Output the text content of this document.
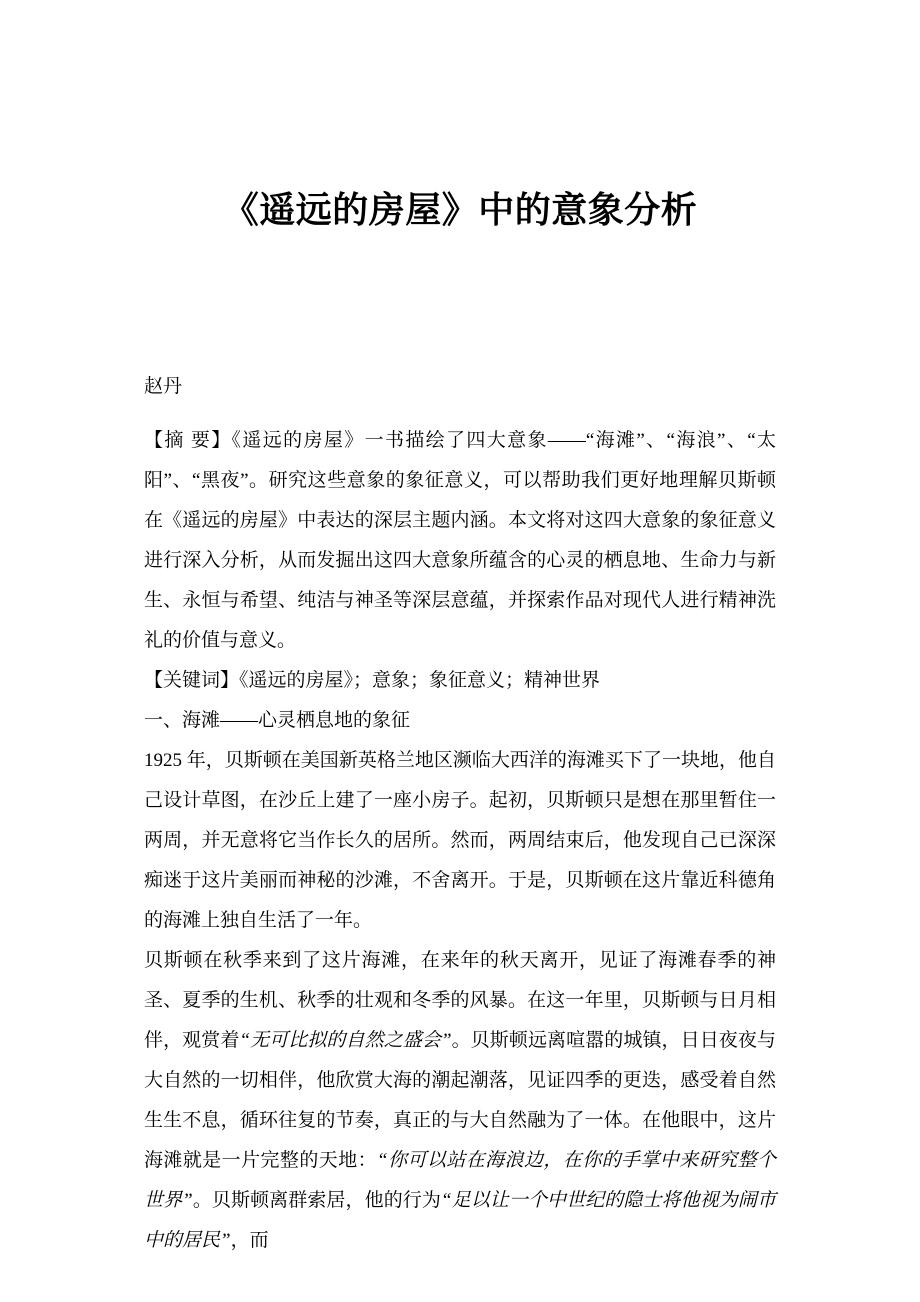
《遥远的房屋》中的意象分析

赵丹

【摘 要】《遥远的房屋》一书描绘了四大意象——“海滩”、“海浪”、“太阳”、“黑夜”。研究这些意象的象征意义，可以帮助我们更好地理解贝斯顿在《遥远的房屋》中表达的深层主题内涵。本文将对这四大意象的象征意义进行深入分析，从而发掘出这四大意象所蕴含的心灵的栖息地、生命力与新生、永恒与希望、纯洁与神圣等深层意蕴，并探索作品对现代人进行精神洗礼的价值与意义。

【关键词】《遥远的房屋》；意象；象征意义；精神世界

一、海滩——心灵栖息地的象征

1925 年，贝斯顿在美国新英格兰地区濒临大西洋的海滩买下了一块地，他自己设计草图，在沙丘上建了一座小房子。起初，贝斯顿只是想在那里暂住一两周，并无意将它当作长久的居所。然而，两周结束后，他发现自己已深深痴迷于这片美丽而神秘的沙滩，不舍离开。于是，贝斯顿在这片靠近科德角的海滩上独自生活了一年。

贝斯顿在秋季来到了这片海滩，在来年的秋天离开，见证了海滩春季的神圣、夏季的生机、秋季的壮观和冬季的风暴。在这一年里，贝斯顿与日月相伴，观赏着“无可比拟的自然之盛会”。贝斯顿远离喧嚣的城镇，日日夜夜与大自然的一切相伴，他欣赏大海的潮起潮落，见证四季的更迭，感受着自然生生不息，循环往复的节奏，真正的与大自然融为了一体。在他眼中，这片海滩就是一片完整的天地：“你可以站在海浪边，在你的手掌中来研究整个世界”。贝斯顿离群索居，他的行为“足以让一个中世纪的隐士将他视为闹市中的居民”，而
